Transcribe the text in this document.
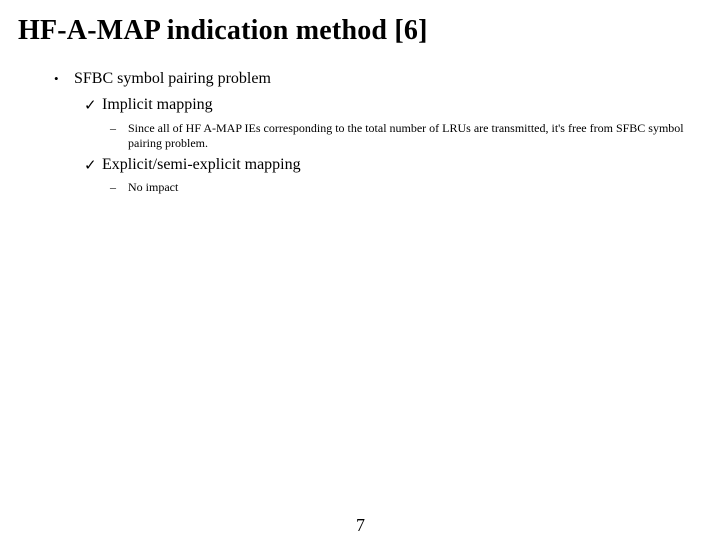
HF-A-MAP indication method [6]
• SFBC symbol pairing problem
✓ Implicit mapping
– Since all of HF A-MAP IEs corresponding to the total number of LRUs are transmitted, it's free from SFBC symbol pairing problem.
✓ Explicit/semi-explicit mapping
– No impact
7
